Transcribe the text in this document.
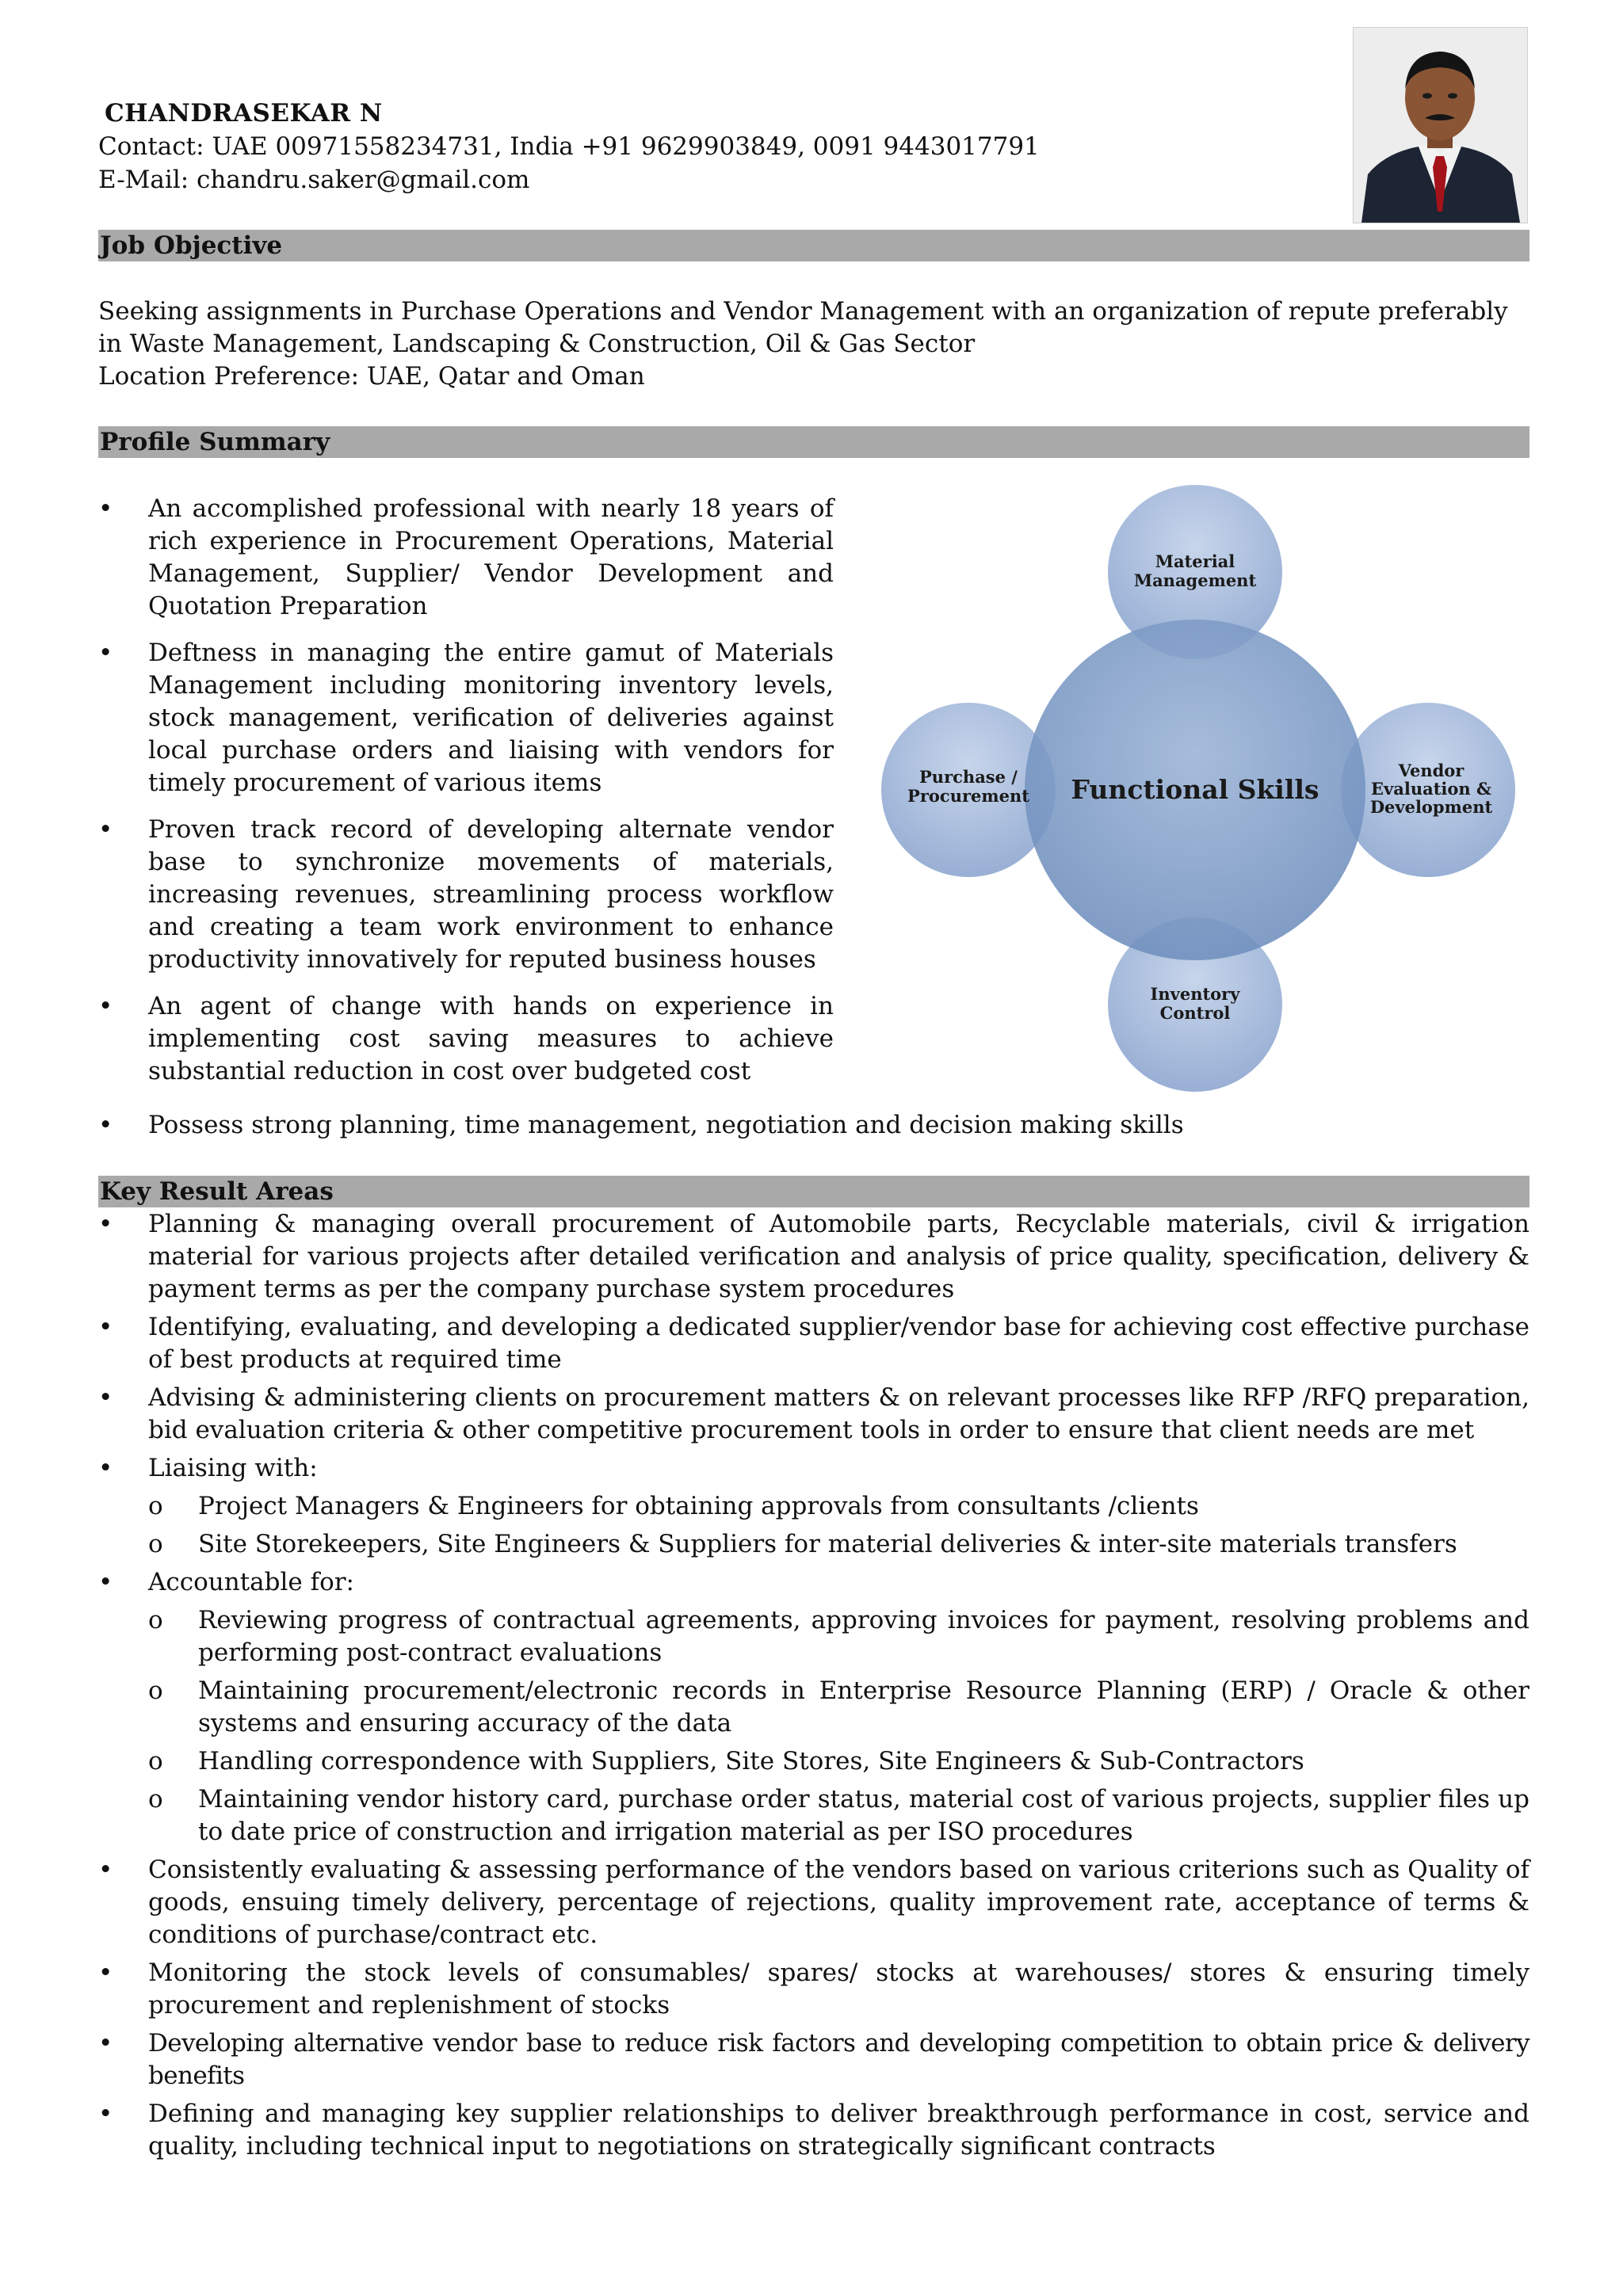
CHANDRASEKAR N
Contact: UAE 00971558234731, India +91 9629903849, 0091 9443017791
E-Mail: chandru.saker@gmail.com
Job Objective
Seeking assignments in Purchase Operations and Vendor Management with an organization of repute preferably in Waste Management, Landscaping & Construction, Oil & Gas Sector
Location Preference: UAE, Qatar and Oman
Profile Summary
• An accomplished professional with nearly 18 years of rich experience in Procurement Operations, Material Management, Supplier/ Vendor Development and Quotation Preparation
• Deftness in managing the entire gamut of Materials Management including monitoring inventory levels, stock management, verification of deliveries against local purchase orders and liaising with vendors for timely procurement of various items
• Proven track record of developing alternate vendor base to synchronize movements of materials, increasing revenues, streamlining process workflow and creating a team work environment to enhance productivity innovatively for reputed business houses
• An agent of change with hands on experience in implementing cost saving measures to achieve substantial reduction in cost over budgeted cost
• Possess strong planning, time management, negotiation and decision making skills
Functional Skills
Material
Management
Purchase /
Procurement
Vendor
Evaluation &
Development
Inventory
Control
Key Result Areas
• Planning & managing overall procurement of Automobile parts, Recyclable materials, civil & irrigation material for various projects after detailed verification and analysis of price quality, specification, delivery & payment terms as per the company purchase system procedures
• Identifying, evaluating, and developing a dedicated supplier/vendor base for achieving cost effective purchase of best products at required time
• Advising & administering clients on procurement matters & on relevant processes like RFP /RFQ preparation, bid evaluation criteria & other competitive procurement tools in order to ensure that client needs are met
• Liaising with:
o Project Managers & Engineers for obtaining approvals from consultants /clients
o Site Storekeepers, Site Engineers & Suppliers for material deliveries & inter-site materials transfers
• Accountable for:
o Reviewing progress of contractual agreements, approving invoices for payment, resolving problems and performing post-contract evaluations
o Maintaining procurement/electronic records in Enterprise Resource Planning (ERP) / Oracle & other systems and ensuring accuracy of the data
o Handling correspondence with Suppliers, Site Stores, Site Engineers & Sub-Contractors
o Maintaining vendor history card, purchase order status, material cost of various projects, supplier files up to date price of construction and irrigation material as per ISO procedures
• Consistently evaluating & assessing performance of the vendors based on various criterions such as Quality of goods, ensuing timely delivery, percentage of rejections, quality improvement rate, acceptance of terms & conditions of purchase/contract etc.
• Monitoring the stock levels of consumables/ spares/ stocks at warehouses/ stores & ensuring timely procurement and replenishment of stocks
• Developing alternative vendor base to reduce risk factors and developing competition to obtain price & delivery benefits
• Defining and managing key supplier relationships to deliver breakthrough performance in cost, service and quality, including technical input to negotiations on strategically significant contracts
